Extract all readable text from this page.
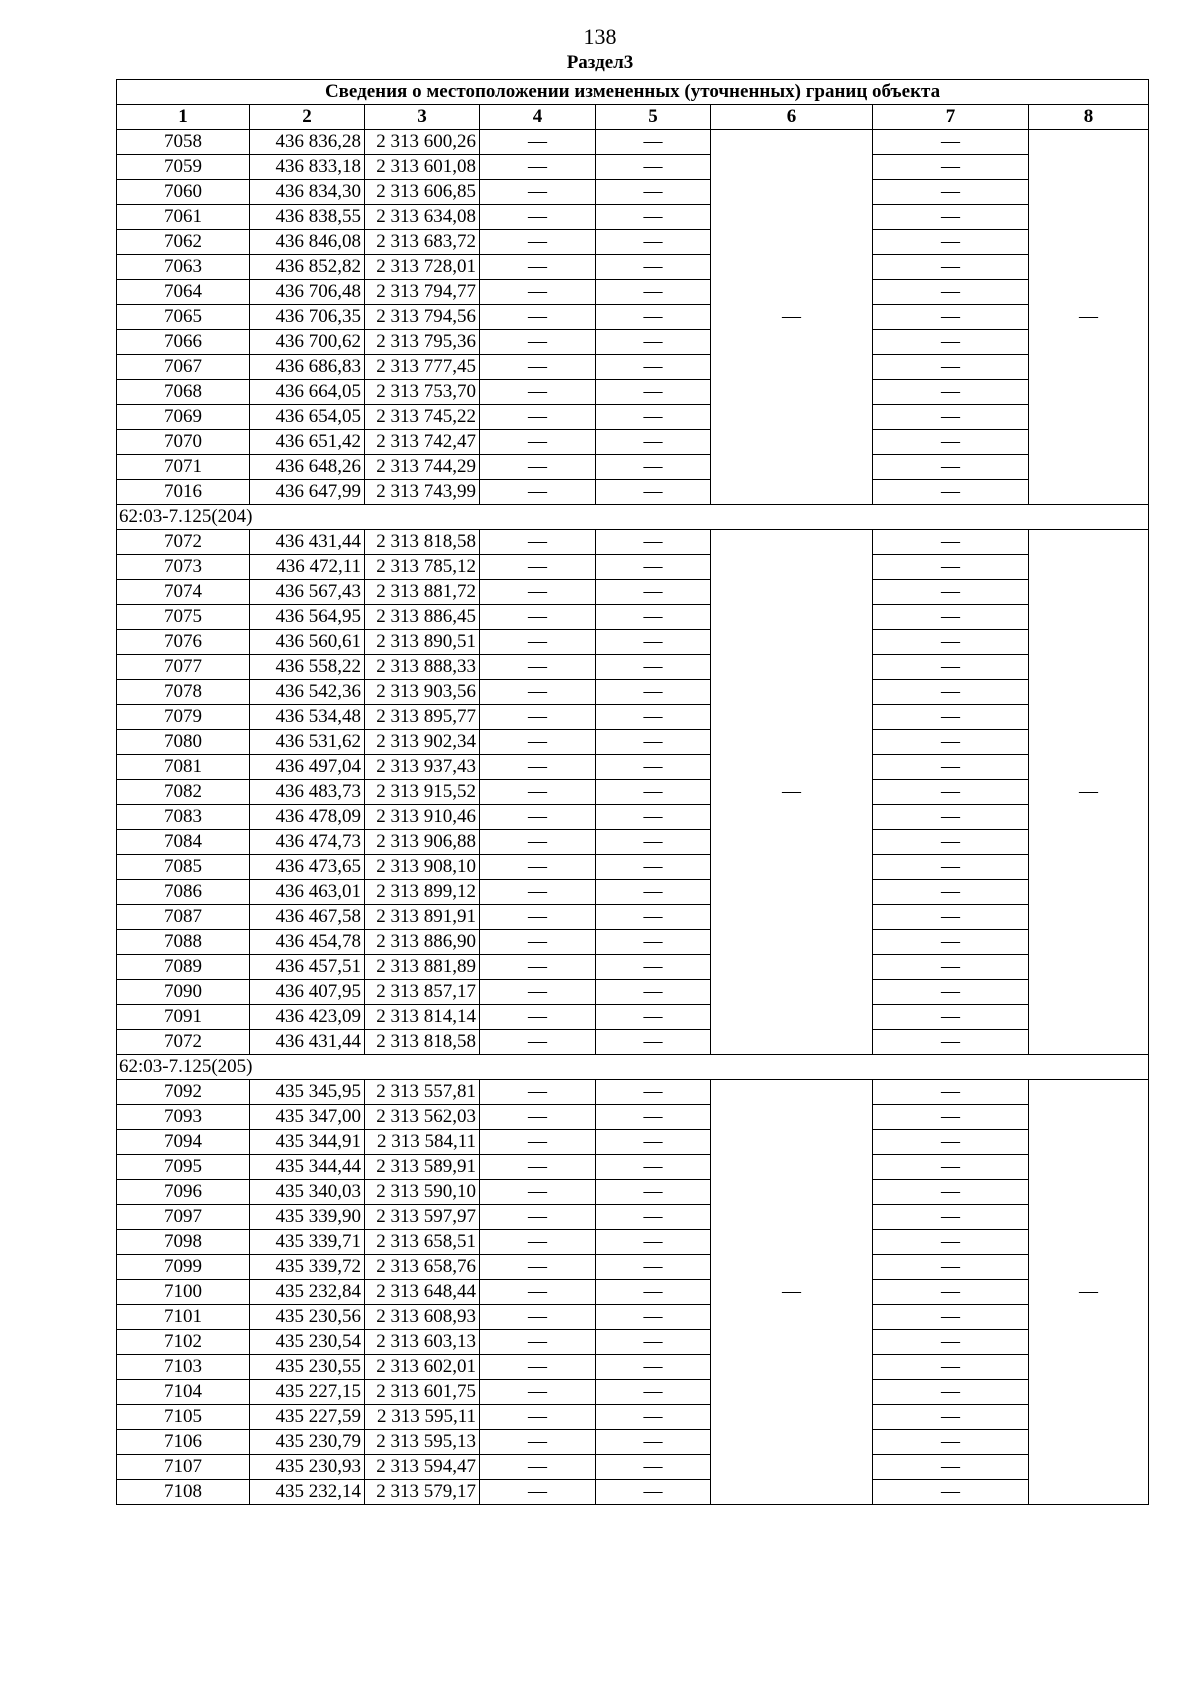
138
Раздел3
Сведения о местоположении измененных (уточненных) границ объекта							
1	2	3	4	5	6	7	8
7058	436 836,28	2 313 600,26	—	—	—	—	—
7059	436 833,18	2 313 601,08	—	—		—	
7060	436 834,30	2 313 606,85	—	—		—	
7061	436 838,55	2 313 634,08	—	—		—	
7062	436 846,08	2 313 683,72	—	—		—	
7063	436 852,82	2 313 728,01	—	—		—	
7064	436 706,48	2 313 794,77	—	—		—	
7065	436 706,35	2 313 794,56	—	—		—	
7066	436 700,62	2 313 795,36	—	—		—	
7067	436 686,83	2 313 777,45	—	—		—	
7068	436 664,05	2 313 753,70	—	—		—	
7069	436 654,05	2 313 745,22	—	—		—	
7070	436 651,42	2 313 742,47	—	—		—	
7071	436 648,26	2 313 744,29	—	—		—	
7016	436 647,99	2 313 743,99	—	—		—	
62:03-7.125(204)							
7072	436 431,44	2 313 818,58	—	—	—	—	—
7073	436 472,11	2 313 785,12	—	—		—	
7074	436 567,43	2 313 881,72	—	—		—	
7075	436 564,95	2 313 886,45	—	—		—	
7076	436 560,61	2 313 890,51	—	—		—	
7077	436 558,22	2 313 888,33	—	—		—	
7078	436 542,36	2 313 903,56	—	—		—	
7079	436 534,48	2 313 895,77	—	—		—	
7080	436 531,62	2 313 902,34	—	—		—	
7081	436 497,04	2 313 937,43	—	—		—	
7082	436 483,73	2 313 915,52	—	—		—	
7083	436 478,09	2 313 910,46	—	—		—	
7084	436 474,73	2 313 906,88	—	—		—	
7085	436 473,65	2 313 908,10	—	—		—	
7086	436 463,01	2 313 899,12	—	—		—	
7087	436 467,58	2 313 891,91	—	—		—	
7088	436 454,78	2 313 886,90	—	—		—	
7089	436 457,51	2 313 881,89	—	—		—	
7090	436 407,95	2 313 857,17	—	—		—	
7091	436 423,09	2 313 814,14	—	—		—	
7072	436 431,44	2 313 818,58	—	—		—	
62:03-7.125(205)							
7092	435 345,95	2 313 557,81	—	—	—	—	—
7093	435 347,00	2 313 562,03	—	—		—	
7094	435 344,91	2 313 584,11	—	—		—	
7095	435 344,44	2 313 589,91	—	—		—	
7096	435 340,03	2 313 590,10	—	—		—	
7097	435 339,90	2 313 597,97	—	—		—	
7098	435 339,71	2 313 658,51	—	—		—	
7099	435 339,72	2 313 658,76	—	—		—	
7100	435 232,84	2 313 648,44	—	—		—	
7101	435 230,56	2 313 608,93	—	—		—	
7102	435 230,54	2 313 603,13	—	—		—	
7103	435 230,55	2 313 602,01	—	—		—	
7104	435 227,15	2 313 601,75	—	—		—	
7105	435 227,59	2 313 595,11	—	—		—	
7106	435 230,79	2 313 595,13	—	—		—	
7107	435 230,93	2 313 594,47	—	—		—	
7108	435 232,14	2 313 579,17	—	—		—	
